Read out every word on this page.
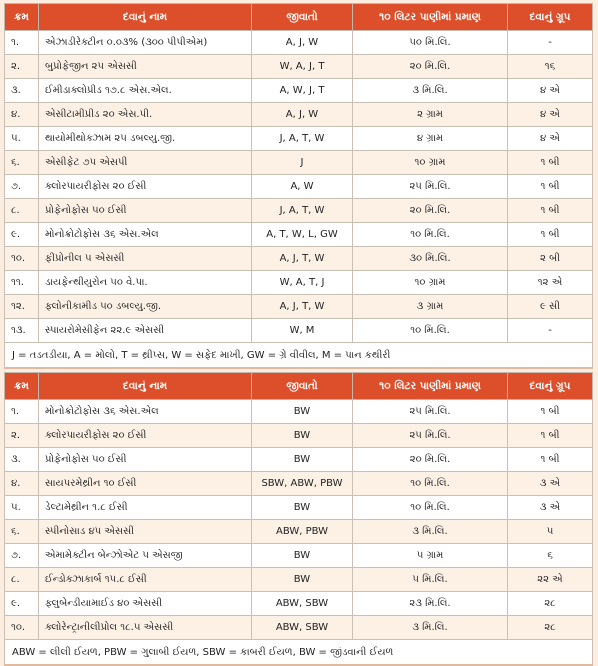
ક્રમ	દવાનું નામ	જીવાતો	૧૦ લિટર પાણીમાં પ્રમાણ	દવાનું ગ્રૂપ
૧.	એઝાડીરેક્ટીન ૦.૦૩% (૩૦૦ પીપીએમ)	A, J, W	૫૦ મિ.લિ.	-
૨.	બુપ્રોફેજીન ૨૫ એસસી	W, A, J, T	૨૦ મિ.લિ.	૧૬
૩.	ઈમીડાક્લોપ્રીડ ૧૭.૮ એસ.એલ.	A, W, J, T	૩ મિ.લિ.	૪ એ
૪.	એસીટામીપ્રીડ ૨૦ એસ.પી.	A, J, W	૨ ગ્રામ	૪ એ
૫.	થાયોમીથોક્ઝામ ૨૫ ડબલ્યુ.જી.	J, A, T, W	૪ ગ્રામ	૪ એ
૬.	એસીફેટ ૭૫ એસપી	J	૧૦ ગ્રામ	૧ બી
૭.	ક્લોરપાયરીફોસ ૨૦ ઈસી	A, W	૨૫ મિ.લિ.	૧ બી
૮.	પ્રોફેનોફોસ ૫૦ ઈસી	J, A, T, W	૨૦ મિ.લિ.	૧ બી
૯.	મોનોક્રોટોફોસ ૩૬ એસ.એલ	A, T, W, L, GW	૧૦ મિ.લિ.	૧ બી
૧૦.	ફીપ્રોનીલ ૫ એસસી	A, J, T, W	૩૦ મિ.લિ.	૨ બી
૧૧.	ડાયફેન્થીયુરોન ૫૦ વે.પા.	W, A, T, J	૧૦ ગ્રામ	૧૨ એ
૧૨.	ફ્લોનીકામીડ ૫૦ ડબલ્યુ.જી.	A, J, T, W	૩ ગ્રામ	૯ સી
૧૩.	સ્પાયરોમેસીફેન ૨૨.૯ એસસી	W, M	૧૦ મિ.લિ.	-
J = તડતડીયા, A = મોલો, T = થ્રીપ્સ, W = સફેદ માખી, GW = ગ્રે વીવીલ, M = પાન કથીરી				
ક્રમ	દવાનું નામ	જીવાતો	૧૦ લિટર પાણીમાં પ્રમાણ	દવાનું ગ્રૂપ
૧.	મોનોક્રોટોફોસ ૩૬ એસ.એલ	BW	૨૫ મિ.લિ.	૧ બી
૨.	ક્લોરપાયરીફોસ ૨૦ ઈસી	BW	૨૫ મિ.લિ.	૧ બી
૩.	પ્રોફેનોફોસ ૫૦ ઈસી	BW	૨૦ મિ.લિ.	૧ બી
૪.	સાયપરમેથ્રીન ૧૦ ઈસી	SBW, ABW, PBW	૧૦ મિ.લિ.	૩ એ
૫.	ડેલ્ટામેથ્રીન ૧.૮ ઈસી	BW	૧૦ મિ.લિ.	૩ એ
૬.	સ્પીનોસાડ ૪૫ એસસી	ABW, PBW	૩ મિ.લિ.	૫
૭.	એમામેક્ટીન બેન્ઝોએટ ૫ એસજી	BW	૫ ગ્રામ	૬
૮.	ઈન્ડોક્ઝાકાર્બ ૧૫.૮ ઈસી	BW	૫ મિ.લિ.	૨૨ એ
૯.	ફ્લુબેન્ડીયામાઈડ ૪૦ એસસી	ABW, SBW	૨૩ મિ.લિ.	૨૮
૧૦.	ક્લોરેન્ટ્રાનીલીપ્રોલ ૧૮.૫ એસસી	ABW, SBW	૩ મિ.લિ.	૨૮
ABW = લીલી ઈયળ, PBW = ગુલાબી ઈયળ, SBW = કાબરી ઈયળ, BW = જીંડવાની ઈયળ				
